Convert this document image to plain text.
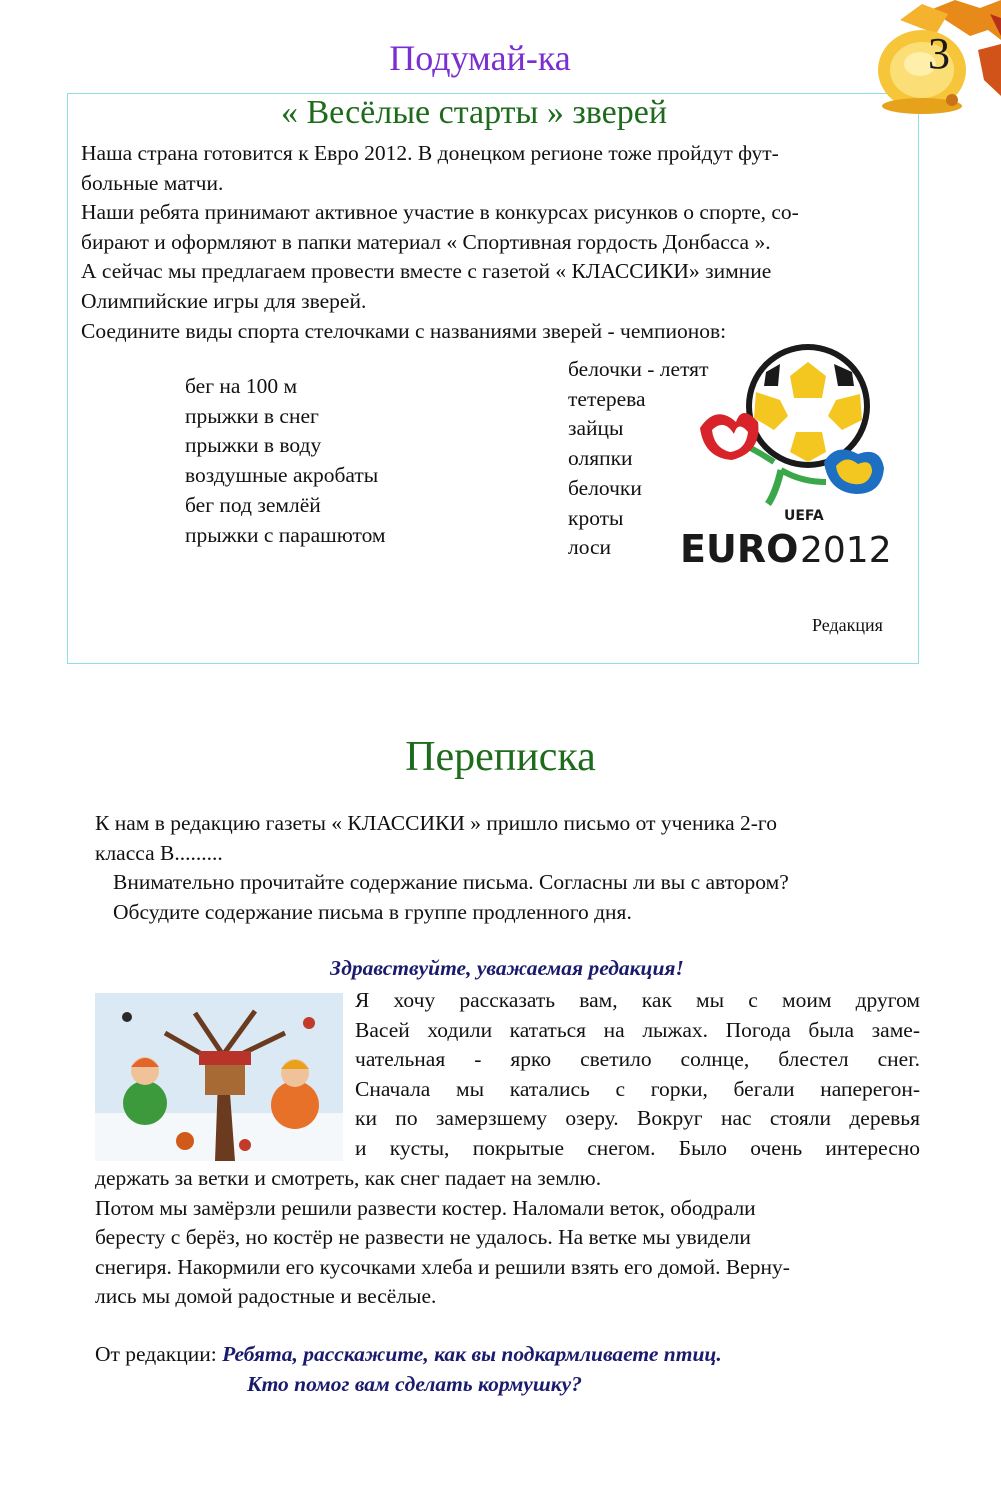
3
Подумай-ка
« Весёлые старты » зверей

Наша страна готовится к Евро 2012. В донецком регионе тоже пройдут фут-

больные матчи.

Наши ребята принимают активное участие в конкурсах рисунков о спорте, со-

бирают и оформляют в папки материал « Спортивная гордость Донбасса ».

А сейчас мы предлагаем провести вместе с газетой « КЛАССИКИ» зимние

Олимпийские игры для зверей.

Соедините виды спорта стелочками с названиями зверей - чемпионов:

бег на 100 м
прыжки в снег
прыжки в воду
воздушные акробаты
бег под землёй
прыжки с парашютом
белочки - летят
тетерева
зайцы
оляпки
белочки
кроты
лоси
UEFA
EURO 2012
Редакция
Переписка
К нам в редакцию газеты « КЛАССИКИ » пришло письмо от ученика 2-го
класса В.........
Внимательно прочитайте содержание письма. Согласны ли вы с автором?
Обсудите содержание письма в группе продленного дня.
Здравствуйте, уважаемая редакция!
Я хочу рассказать вам, как мы с моим другом
Васей ходили кататься на лыжах. Погода была заме-
чательная - ярко светило солнце, блестел снег.
Сначала мы катались с горки, бегали наперегон-
ки по замерзшему озеру. Вокруг нас стояли деревья
и кусты, покрытые снегом. Было очень интересно
держать за ветки и смотреть, как снег падает на землю.
Потом мы замёрзли решили развести костер. Наломали веток, ободрали
бересту с берёз, но костёр не развести не удалось. На ветке мы увидели
снегиря. Накормили его кусочками хлеба и решили взять его домой. Верну-
лись мы домой радостные и весёлые.
От редакции: Ребята, расскажите, как вы подкармливаете птиц.
Кто помог вам сделать кормушку?
